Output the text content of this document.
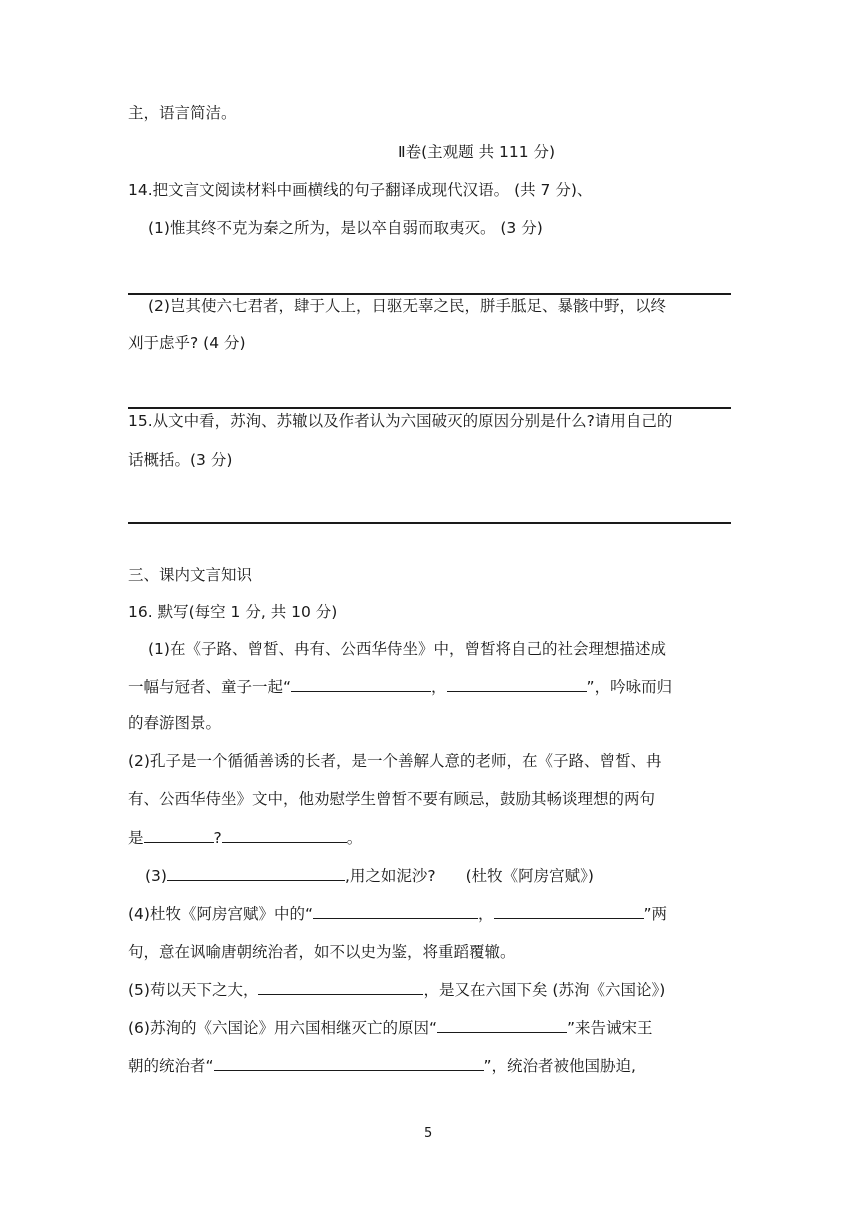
主，语言简洁。
Ⅱ卷(主观题 共 111 分)
14.把文言文阅读材料中画横线的句子翻译成现代汉语。 (共 7 分)、
(1)惟其终不克为秦之所为，是以卒自弱而取夷灭。 (3 分)
(2)岂其使六七君者，肆于人上，日驱无辜之民，胼手胝足、暴骸中野，以终
刈于虑乎? (4 分)
15.从文中看，苏洵、苏辙以及作者认为六国破灭的原因分别是什么?请用自己的
话概括。(3 分)
三、课内文言知识
16. 默写(每空 1 分, 共 10 分)
(1)在《子路、曾皙、冉有、公西华侍坐》中，曾皙将自己的社会理想描述成
一幅与冠者、童子一起“	，	”，吟咏而归
的春游图景。
(2)孔子是一个循循善诱的长者，是一个善解人意的老师，在《子路、曾皙、冉
有、公西华侍坐》文中，他劝慰学生曾皙不要有顾忌，鼓励其畅谈理想的两句
是	?	。
(3)	,用之如泥沙? (杜牧《阿房宫赋》)
(4)杜牧《阿房宫赋》中的“	，	”两
句，意在讽喻唐朝统治者，如不以史为鉴，将重蹈覆辙。
(5)苟以天下之大，	，是又在六国下矣 (苏洵《六国论》)
(6)苏洵的《六国论》用六国相继灭亡的原因“	”来告诫宋王
朝的统治者“	”，统治者被他国胁迫,
5
